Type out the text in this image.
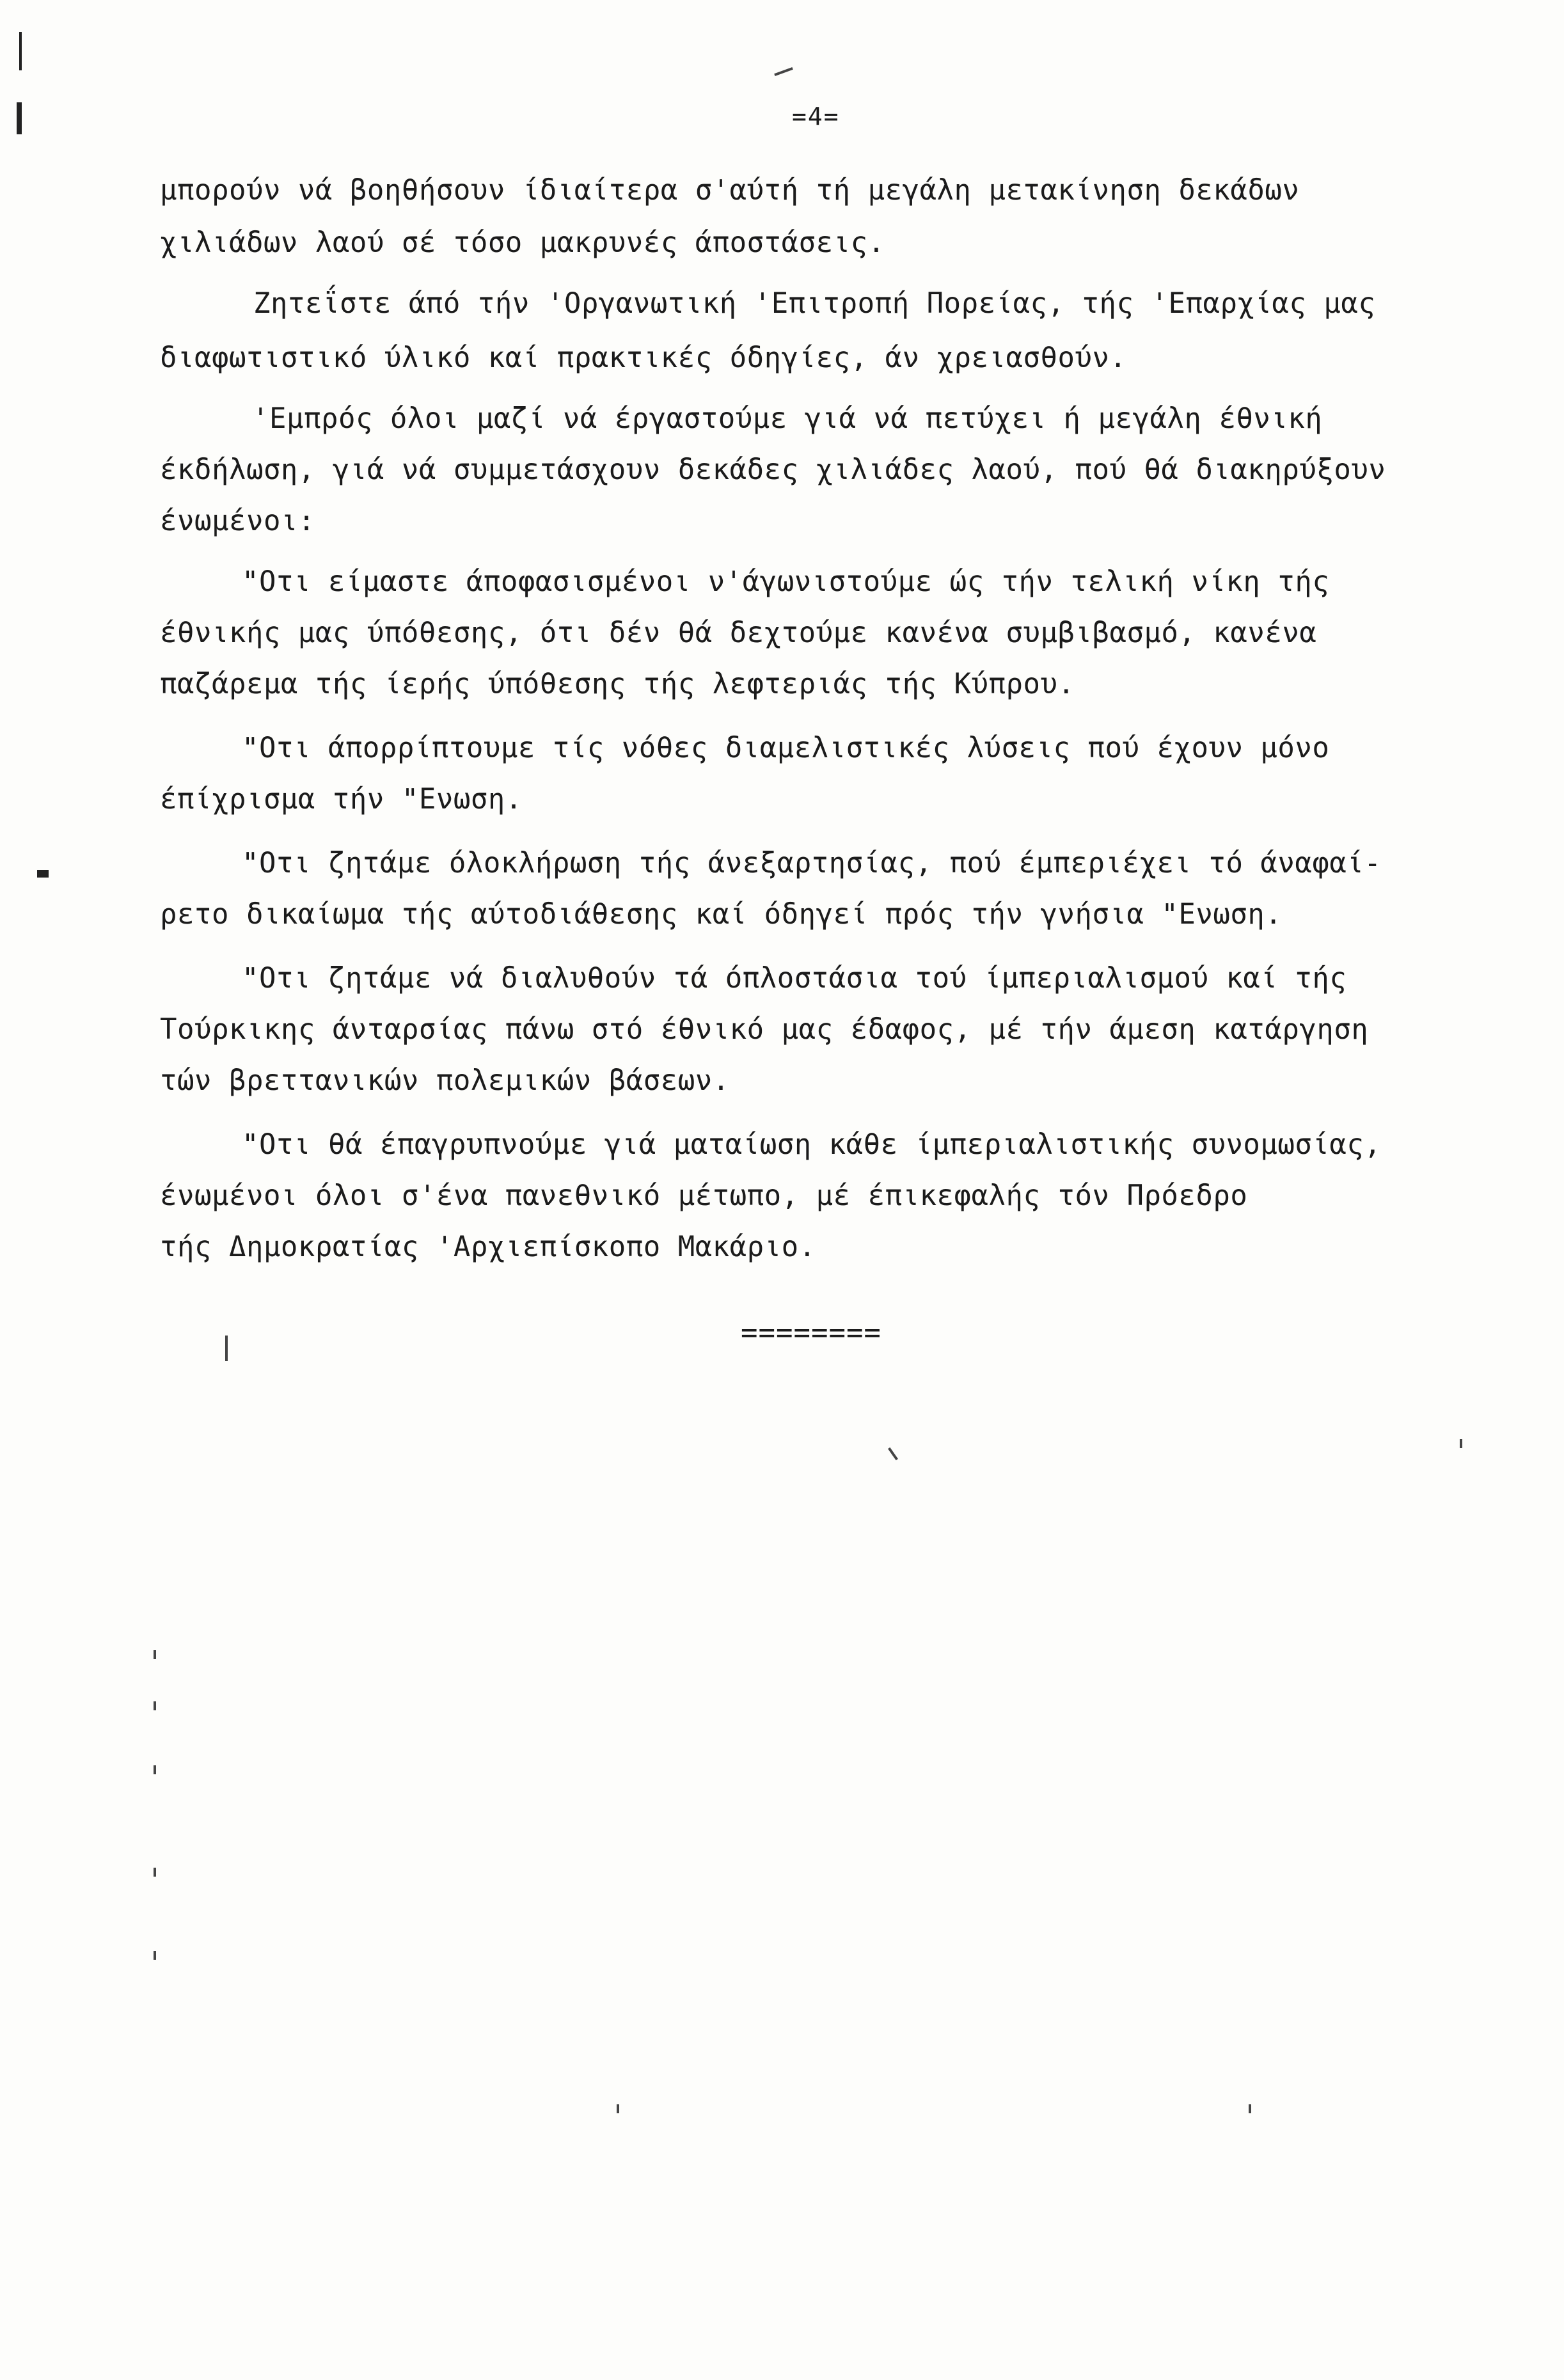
=4=
μπορούν νά βοηθήσουν ίδιαίτερα σ'αύτή τή μεγάλη μετακίνηση δεκάδων
χιλιάδων λαού σέ τόσο μακρυνές άποστάσεις.
Ζητεΐστε άπό τήν 'Οργανωτική 'Επιτροπή Πορείας, τής 'Επαρχίας μας
διαφωτιστικό ύλικό καί πρακτικές όδηγίες, άν χρειασθούν.
'Εμπρός όλοι μαζί νά έργαστούμε γιά νά πετύχει ή μεγάλη έθνική
έκδήλωση, γιά νά συμμετάσχουν δεκάδες χιλιάδες λαού, πού θά διακηρύξουν
ένωμένοι:
"Οτι είμαστε άποφασισμένοι ν'άγωνιστούμε ώς τήν τελική νίκη τής
έθνικής μας ύπόθεσης, ότι δέν θά δεχτούμε κανένα συμβιβασμό, κανένα
παζάρεμα τής ίερής ύπόθεσης τής λεφτεριάς τής Κύπρου.
"Οτι άπορρίπτουμε τίς νόθες διαμελιστικές λύσεις πού έχουν μόνο
έπίχρισμα τήν "Ενωση.
"Οτι ζητάμε όλοκλήρωση τής άνεξαρτησίας, πού έμπεριέχει τό άναφαί-
ρετο δικαίωμα τής αύτοδιάθεσης καί όδηγεί πρός τήν γνήσια "Ενωση.
"Οτι ζητάμε νά διαλυθούν τά όπλοστάσια τού ίμπεριαλισμού καί τής
Τούρκικης άνταρσίας πάνω στό έθνικό μας έδαφος, μέ τήν άμεση κατάργηση
τών βρεττανικών πολεμικών βάσεων.
"Οτι θά έπαγρυπνούμε γιά ματαίωση κάθε ίμπεριαλιστικής συνομωσίας,
ένωμένοι όλοι σ'ένα πανεθνικό μέτωπο, μέ έπικεφαλής τόν Πρόεδρο
τής Δημοκρατίας 'Αρχιεπίσκοπο Μακάριο.
========
